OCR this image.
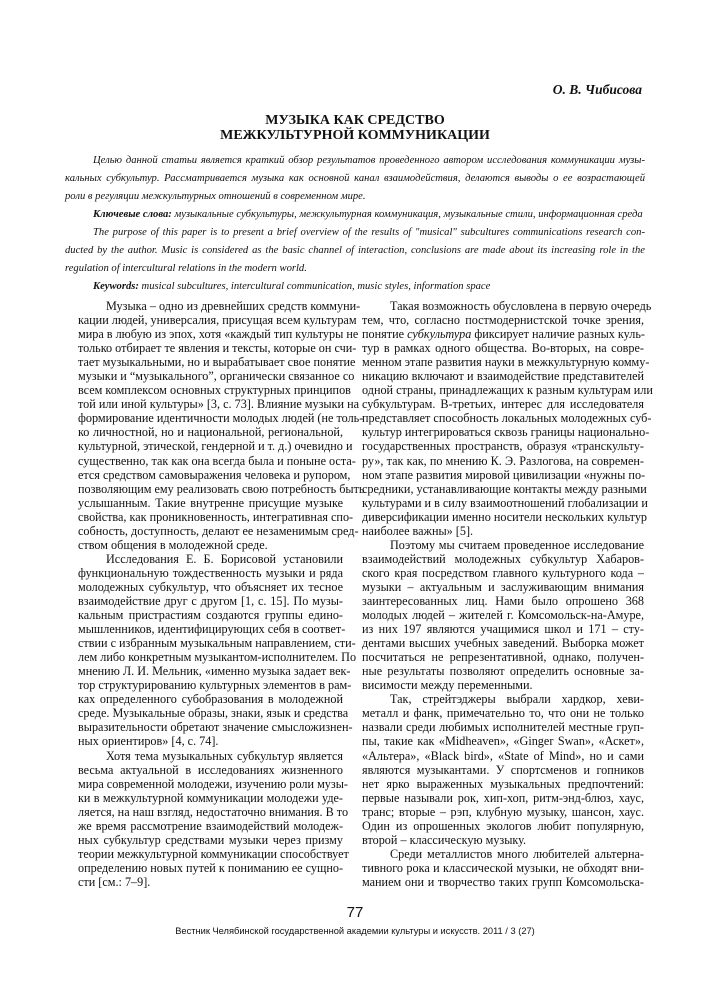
О. В. Чибисова
МУЗЫКА КАК СРЕДСТВО
МЕЖКУЛЬТУРНОЙ КОММУНИКАЦИИ
Целью данной статьи является краткий обзор результатов проведенного автором исследования коммуникации музы-
кальных субкультур. Рассматривается музыка как основной канал взаимодействия, делаются выводы о ее возрастающей
роли в регуляции межкультурных отношений в современном мире.
Ключевые слова: музыкальные субкультуры, межкультурная коммуникация, музыкальные стили, информационная среда
The purpose of this paper is to present a brief overview of the results of "musical" subcultures communications research con-
ducted by the author. Music is considered as the basic channel of interaction, conclusions are made about its increasing role in the
regulation of intercultural relations in the modern world.
Keywords: musical subcultures, intercultural communication, music styles, information space
Музыка – одно из древнейших средств коммуни-
кации людей, универсалия, присущая всем культурам
мира в любую из эпох, хотя «каждый тип культуры не
только отбирает те явления и тексты, которые он счи-
тает музыкальными, но и вырабатывает свое понятие
музыки и “музыкального”, органически связанное со
всем комплексом основных структурных принципов
той или иной культуры» [3, с. 73]. Влияние музыки на
формирование идентичности молодых людей (не толь-
ко личностной, но и национальной, региональной,
культурной, этической, гендерной и т. д.) очевидно и
существенно, так как она всегда была и поныне оста-
ется средством самовыражения человека и рупором,
позволяющим ему реализовать свою потребность быть
услышанным. Такие внутренне присущие музыке
свойства, как проникновенность, интегративная спо-
собность, доступность, делают ее незаменимым сред-
ством общения в молодежной среде.
Исследования Е. Б. Борисовой установили
функциональную тождественность музыки и ряда
молодежных субкультур, что объясняет их тесное
взаимодействие друг с другом [1, с. 15]. По музы-
кальным пристрастиям создаются группы едино-
мышленников, идентифицирующих себя в соответ-
ствии с избранным музыкальным направлением, сти-
лем либо конкретным музыкантом-исполнителем. По
мнению Л. И. Мельник, «именно музыка задает век-
тор структурированию культурных элементов в рам-
ках определенного субобразования в молодежной
среде. Музыкальные образы, знаки, язык и средства
выразительности обретают значение смысложизнен-
ных ориентиров» [4, с. 74].
Хотя тема музыкальных субкультур является
весьма актуальной в исследованиях жизненного
мира современной молодежи, изучению роли музы-
ки в межкультурной коммуникации молодежи уде-
ляется, на наш взгляд, недостаточно внимания. В то
же время рассмотрение взаимодействий молодеж-
ных субкультур средствами музыки через призму
теории межкультурной коммуникации способствует
определению новых путей к пониманию ее сущно-
сти [см.: 7–9].
Такая возможность обусловлена в первую очередь
тем, что, согласно постмодернистской точке зрения,
понятие субкультура фиксирует наличие разных куль-
тур в рамках одного общества. Во-вторых, на совре-
менном этапе развития науки в межкультурную комму-
никацию включают и взаимодействие представителей
одной страны, принадлежащих к разным культурам или
субкультурам. В-третьих, интерес для исследователя
представляет способность локальных молодежных суб-
культур интегрироваться сквозь границы национально-
государственных пространств, образуя «транскульту-
ру», так как, по мнению К. Э. Разлогова, на современ-
ном этапе развития мировой цивилизации «нужны по-
средники, устанавливающие контакты между разными
культурами и в силу взаимоотношений глобализации и
диверсификации именно носители нескольких культур
наиболее важны» [5].
Поэтому мы считаем проведенное исследование
взаимодействий молодежных субкультур Хабаров-
ского края посредством главного культурного кода –
музыки – актуальным и заслуживающим внимания
заинтересованных лиц. Нами было опрошено 368
молодых людей – жителей г. Комсомольск-на-Амуре,
из них 197 являются учащимися школ и 171 – сту-
дентами высших учебных заведений. Выборка может
посчитаться не репрезентативной, однако, получен-
ные результаты позволяют определить основные за-
висимости между переменными.
Так, стрейтэджеры выбрали хардкор, хеви-
металл и фанк, примечательно то, что они не только
назвали среди любимых исполнителей местные груп-
пы, такие как «Midheaven», «Ginger Swan», «Аскет»,
«Альтера», «Black bird», «State of Mind», но и сами
являются музыкантами. У спортсменов и гопников
нет ярко выраженных музыкальных предпочтений:
первые называли рок, хип-хоп, ритм-энд-блюз, хаус,
транс; вторые – рэп, клубную музыку, шансон, хаус.
Один из опрошенных экологов любит популярную,
второй – классическую музыку.
Среди металлистов много любителей альтерна-
тивного рока и классической музыки, не обходят вни-
манием они и творчество таких групп Комсомольска-
77
Вестник Челябинской государственной академии культуры и искусств. 2011 / 3 (27)
